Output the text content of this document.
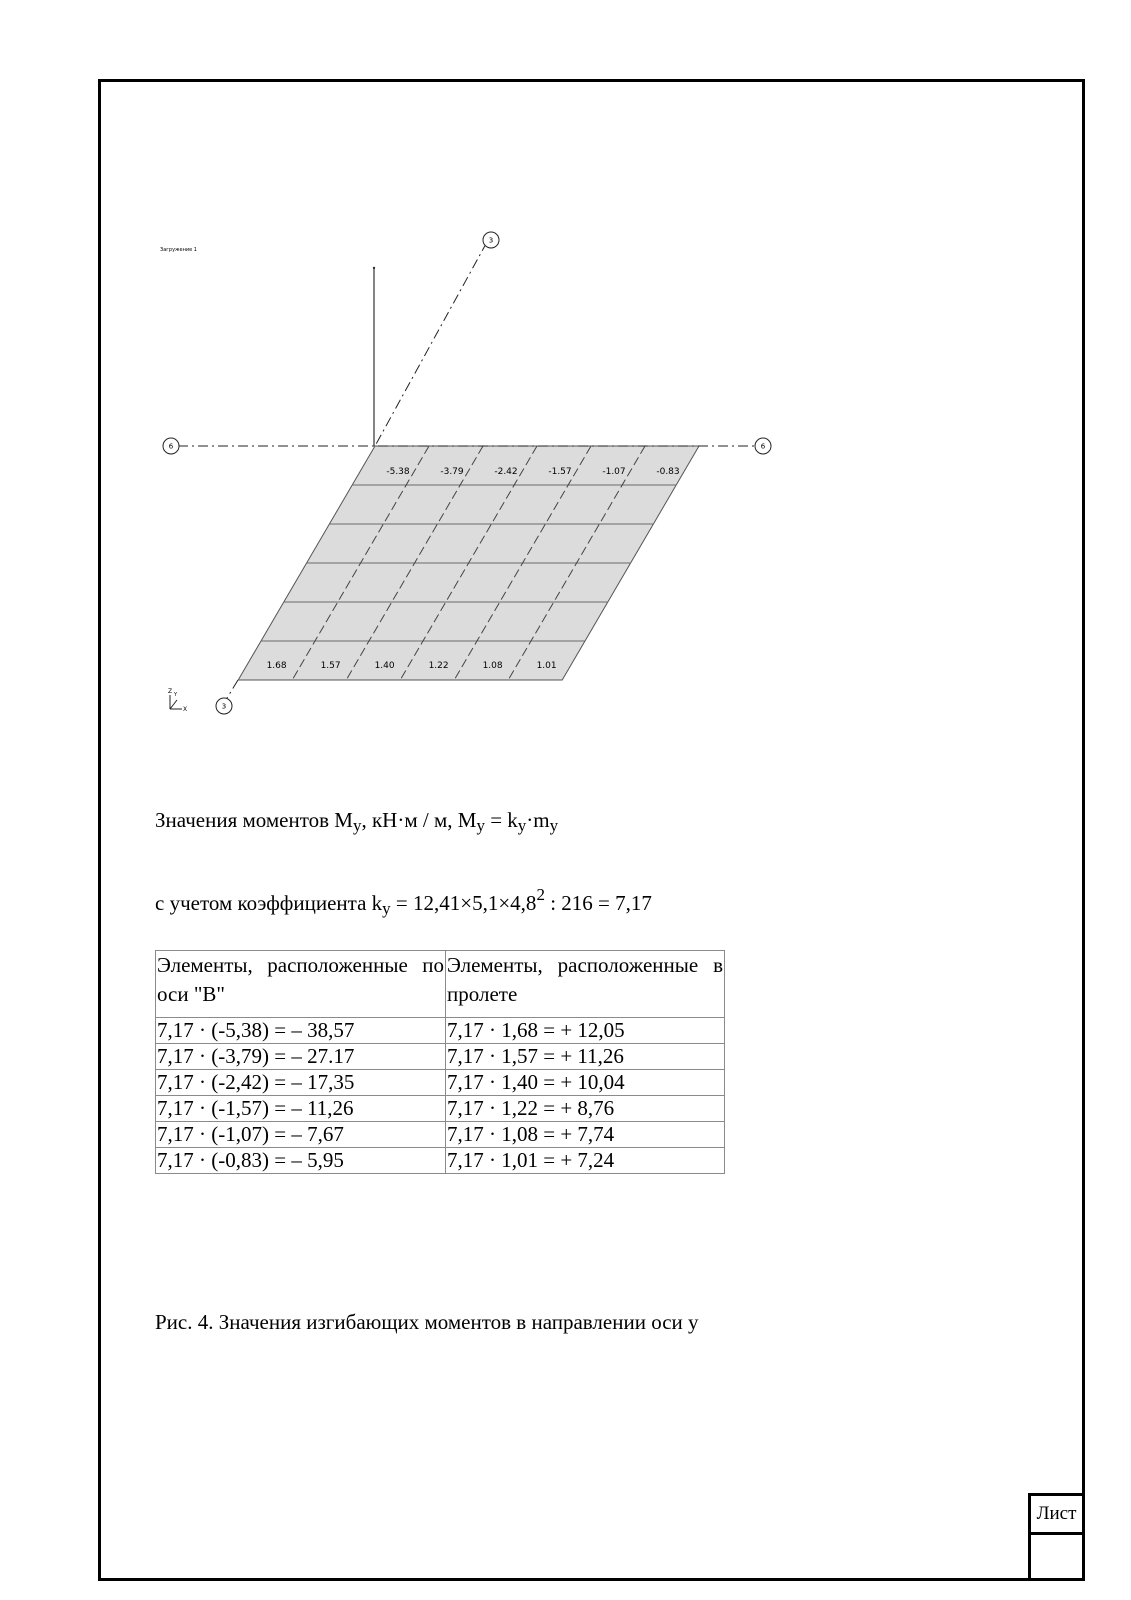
3
6	6
3
Загружение 1
-5.38	-3.79	-2.42	-1.57	-1.07	-0.83
1.68	1.57	1.40	1.22	1.08	1.01
Z Y
X
Значения моментов $M_y$, кН·м / м, $M_y = k_y\cdot m_y$
с учетом коэффициента $k_y = 12,41\times 5,1\times 4,8^2$ : 216 = 7,17
Элементы, расположенные по оси "В"	Элементы, расположенные в пролете
7,17 · (-5,38) = – 38,57	7,17 · 1,68 = + 12,05
7,17 · (-3,79) = – 27.17	7,17 · 1,57 = + 11,26
7,17 · (-2,42) = – 17,35	7,17 · 1,40 = + 10,04
7,17 · (-1,57) = – 11,26	7,17 · 1,22 = + 8,76
7,17 · (-1,07) = – 7,67	7,17 · 1,08 = + 7,74
7,17 · (-0,83) = – 5,95	7,17 · 1,01 = + 7,24
Рис. 4. Значения изгибающих моментов в направлении оси у
Лист
